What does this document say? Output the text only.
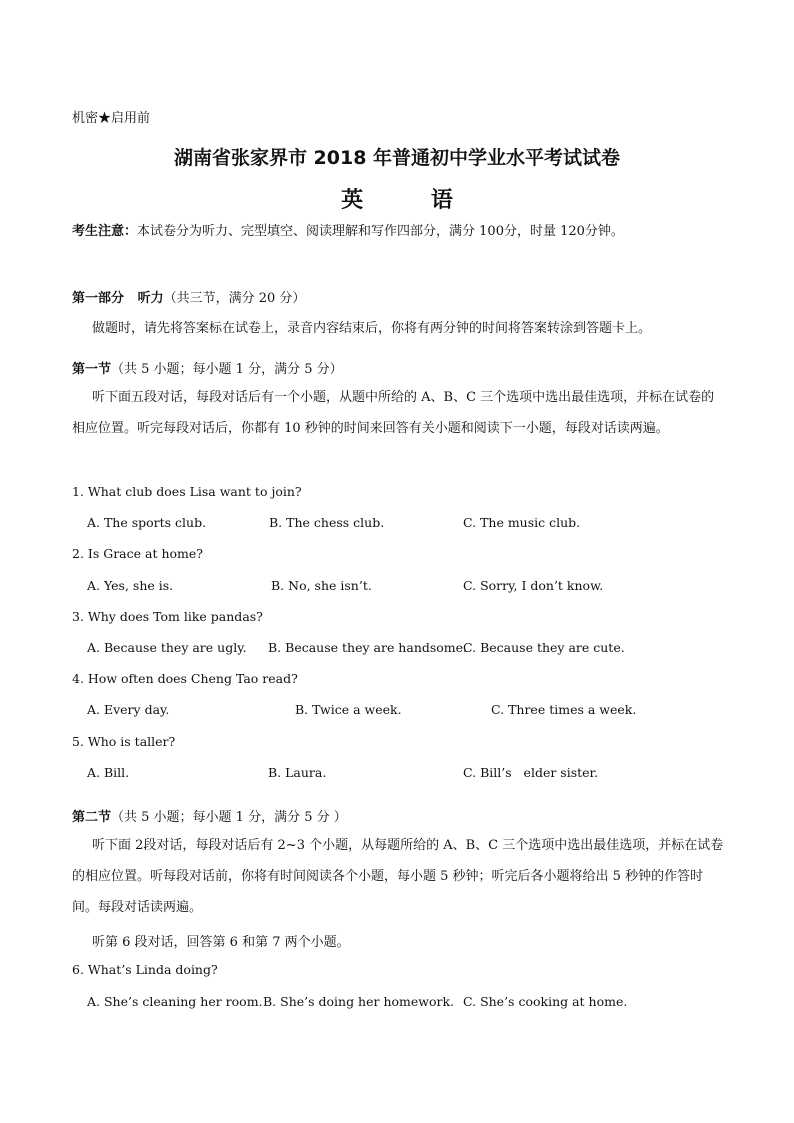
机密★启用前
湖南省张家界市 2018 年普通初中学业水平考试试卷
英 语
考生注意：本试卷分为听力、完型填空、阅读理解和写作四部分，满分 100分，时量 120分钟。
第一部分   听力（共三节，满分 20 分）
做题时，请先将答案标在试卷上，录音内容结束后，你将有两分钟的时间将答案转涂到答题卡上。
第一节（共 5 小题；每小题 1 分，满分 5 分）
听下面五段对话，每段对话后有一个小题，从题中所给的 A、B、C 三个选项中选出最佳选项，并标在试卷的相应位置。听完每段对话后，你都有 10 秒钟的时间来回答有关小题和阅读下一小题，每段对话读两遍。
1. What club does Lisa want to join?
A. The sports club.	B. The chess club.	C. The music club.
2. Is Grace at home?
A. Yes, she is.	B. No, she isn’t.	C. Sorry, I don’t know.
3. Why does Tom like pandas?
A. Because they are ugly. B. Because they are handsome.
C. Because they are cute.
4. How often does Cheng Tao read?
A. Every day.	B. Twice a week.	C. Three times a week.
5. Who is taller?
A. Bill.	B. Laura.	C. Bill’s   elder sister.
第二节（共 5 小题；每小题 1 分，满分 5 分 ）
听下面 2段对话，每段对话后有 2~3 个小题，从每题所给的 A、B、C 三个选项中选出最佳选项，并标在试卷的相应位置。听每段对话前，你将有时间阅读各个小题，每小题 5 秒钟；听完后各小题将给出 5 秒钟的作答时间。每段对话读两遍。
听第 6 段对话，回答第 6 和第 7 两个小题。
6. What’s Linda doing?
A. She’s cleaning her room. B. She’s doing her homework. C. She’s cooking at home.
